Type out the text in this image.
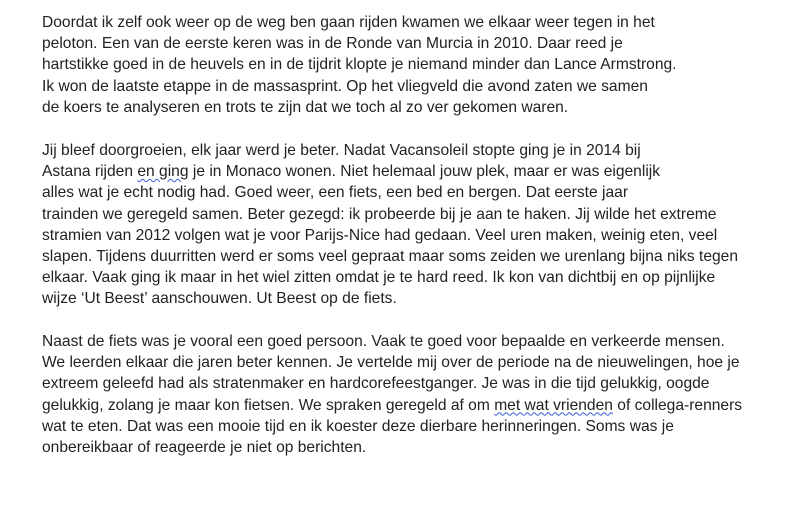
Doordat ik zelf ook weer op de weg ben gaan rijden kwamen we elkaar weer tegen in het
peloton. Een van de eerste keren was in de Ronde van Murcia in 2010. Daar reed je
hartstikke goed in de heuvels en in de tijdrit klopte je niemand minder dan Lance Armstrong.
Ik won de laatste etappe in de massasprint. Op het vliegveld die avond zaten we samen
de koers te analyseren en trots te zijn dat we toch al zo ver gekomen waren.

Jij bleef doorgroeien, elk jaar werd je beter. Nadat Vacansoleil stopte ging je in 2014 bij
Astana rijden en ging je in Monaco wonen. Niet helemaal jouw plek, maar er was eigenlijk
alles wat je echt nodig had. Goed weer, een fiets, een bed en bergen. Dat eerste jaar
trainden we geregeld samen. Beter gezegd: ik probeerde bij je aan te haken. Jij wilde het extreme
stramien van 2012 volgen wat je voor Parijs-Nice had gedaan. Veel uren maken, weinig eten, veel
slapen. Tijdens duurritten werd er soms veel gepraat maar soms zeiden we urenlang bijna niks tegen
elkaar. Vaak ging ik maar in het wiel zitten omdat je te hard reed. Ik kon van dichtbij en op pijnlijke
wijze ‘Ut Beest’ aanschouwen. Ut Beest op de fiets.

Naast de fiets was je vooral een goed persoon. Vaak te goed voor bepaalde en verkeerde mensen.
We leerden elkaar die jaren beter kennen. Je vertelde mij over de periode na de nieuwelingen, hoe je
extreem geleefd had als stratenmaker en hardcorefeestganger. Je was in die tijd gelukkig, oogde
gelukkig, zolang je maar kon fietsen. We spraken geregeld af om met wat vrienden of collega-renners
wat te eten. Dat was een mooie tijd en ik koester deze dierbare herinneringen. Soms was je
onbereikbaar of reageerde je niet op berichten.
